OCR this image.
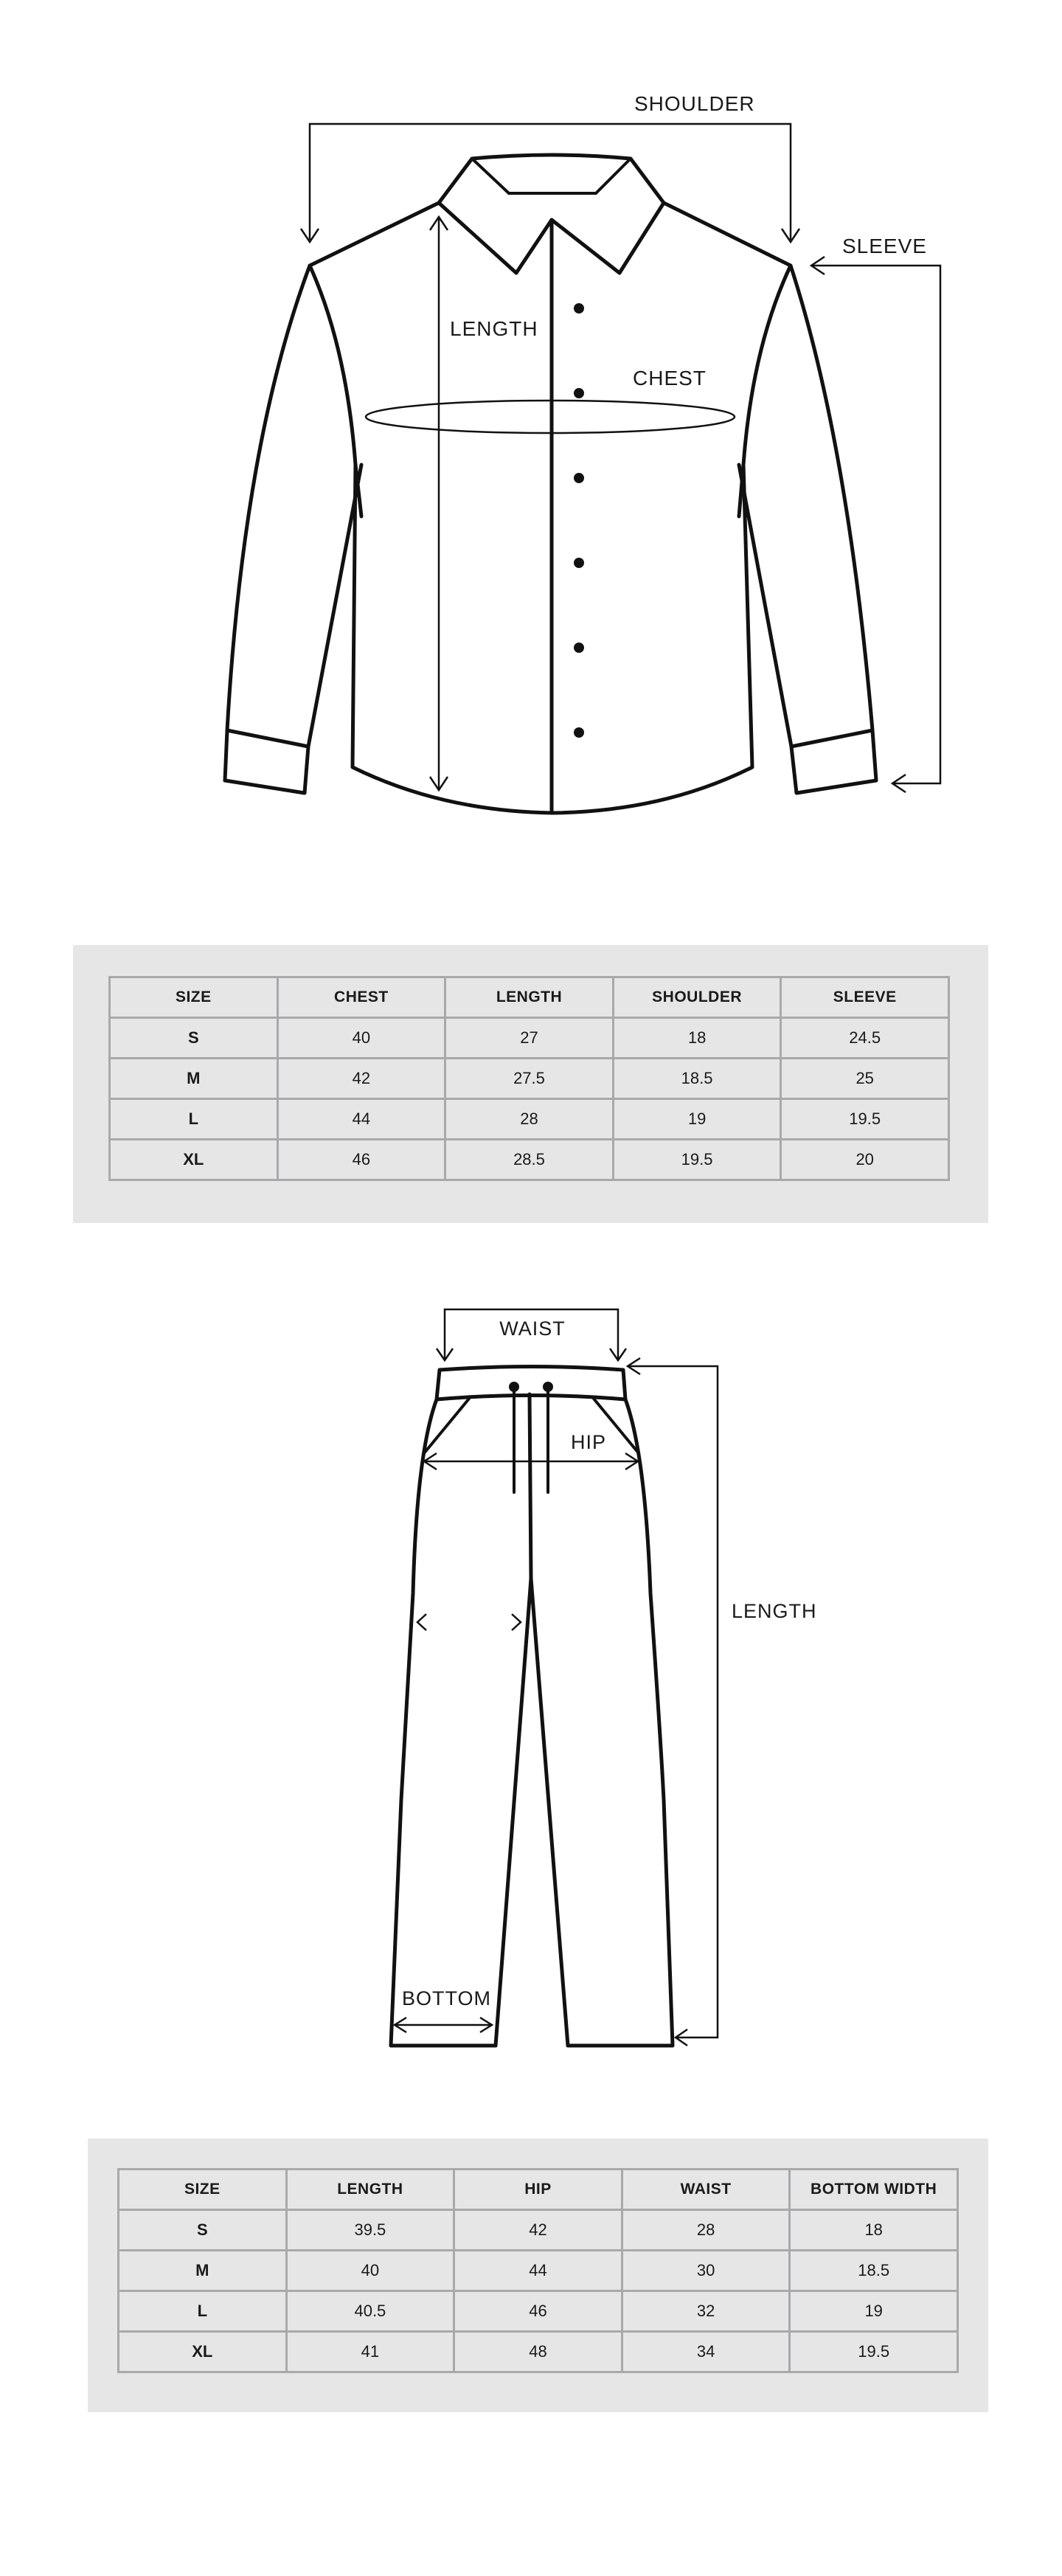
SHOULDER
SLEEVE
LENGTH
CHEST
SIZE	CHEST	LENGTH	SHOULDER	SLEEVE
S	40	27	18	24.5
M	42	27.5	18.5	25
L	44	28	19	19.5
XL	46	28.5	19.5	20
WAIST
HIP
LENGTH
BOTTOM
SIZE	LENGTH	HIP	WAIST	BOTTOM WIDTH
S	39.5	42	28	18
M	40	44	30	18.5
L	40.5	46	32	19
XL	41	48	34	19.5
